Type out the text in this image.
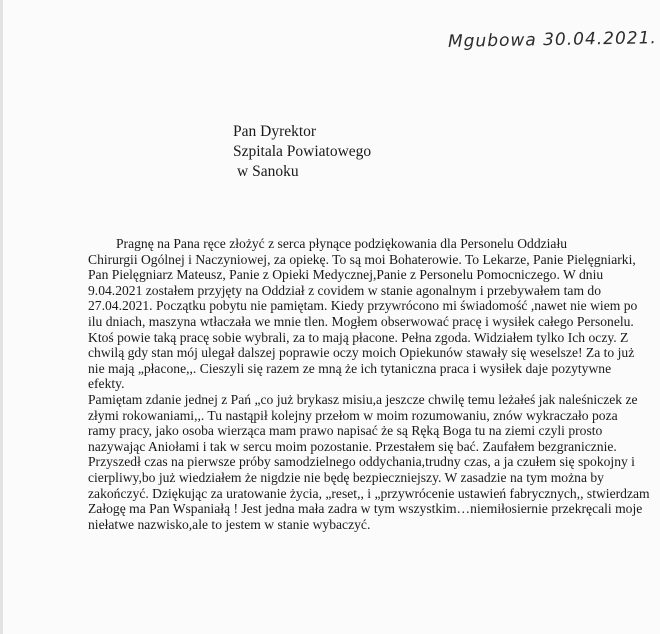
Mgubowa 30.04.2021.
Pan Dyrektor
Szpitala Powiatowego
w Sanoku
Pragnę na Pana ręce złożyć z serca płynące podziękowania dla Personelu Oddziału
Chirurgii Ogólnej i Naczyniowej, za opiekę. To są moi Bohaterowie. To Lekarze, Panie Pielęgniarki,
Pan Pielęgniarz Mateusz, Panie z Opieki Medycznej,Panie z Personelu Pomocniczego. W dniu
9.04.2021 zostałem przyjęty na Oddział z covidem w stanie agonalnym i przebywałem tam do
27.04.2021. Początku pobytu nie pamiętam. Kiedy przywrócono mi świadomość ,nawet nie wiem po
ilu dniach, maszyna wtłaczała we mnie tlen. Mogłem obserwować pracę i wysiłek całego Personelu.
Ktoś powie taką pracę sobie wybrali, za to mają płacone. Pełna zgoda. Widziałem tylko Ich oczy. Z
chwilą gdy stan mój ulegał dalszej poprawie oczy moich Opiekunów stawały się weselsze! Za to już
nie mają „płacone,,. Cieszyli się razem ze mną że ich tytaniczna praca i wysiłek daje pozytywne
efekty.
Pamiętam zdanie jednej z Pań „co już brykasz misiu,a jeszcze chwilę temu leżałeś jak naleśniczek ze
złymi rokowaniami,,. Tu nastąpił kolejny przełom w moim rozumowaniu, znów wykraczało poza
ramy pracy, jako osoba wierząca mam prawo napisać że są Ręką Boga tu na ziemi czyli prosto
nazywając Aniołami i tak w sercu moim pozostanie. Przestałem się bać. Zaufałem bezgranicznie.
Przyszedł czas na pierwsze próby samodzielnego oddychania,trudny czas, a ja czułem się spokojny i
cierpliwy,bo już wiedziałem że nigdzie nie będę bezpieczniejszy. W zasadzie na tym można by
zakończyć. Dziękując za uratowanie życia, „reset,, i „przywrócenie ustawień fabrycznych,, stwierdzam
Załogę ma Pan Wspaniałą ! Jest jedna mała zadra w tym wszystkim…niemiłosiernie przekręcali moje
niełatwe nazwisko,ale to jestem w stanie wybaczyć.
